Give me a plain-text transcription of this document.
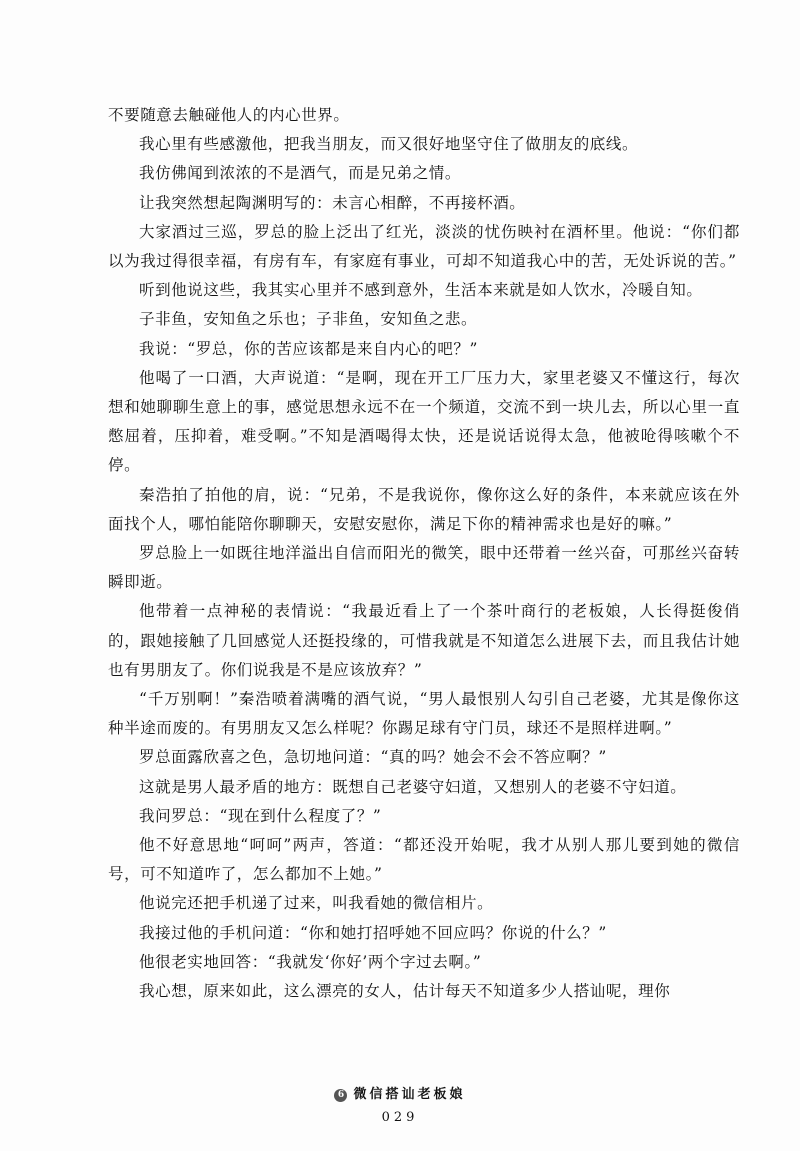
不要随意去触碰他人的内心世界。

我心里有些感激他，把我当朋友，而又很好地坚守住了做朋友的底线。

我仿佛闻到浓浓的不是酒气，而是兄弟之情。

让我突然想起陶渊明写的：未言心相醉，不再接杯酒。

大家酒过三巡，罗总的脸上泛出了红光，淡淡的忧伤映衬在酒杯里。他说：“你们都以为我过得很幸福，有房有车，有家庭有事业，可却不知道我心中的苦，无处诉说的苦。”

听到他说这些，我其实心里并不感到意外，生活本来就是如人饮水，冷暖自知。

子非鱼，安知鱼之乐也；子非鱼，安知鱼之悲。

我说：“罗总，你的苦应该都是来自内心的吧？”

他喝了一口酒，大声说道：“是啊，现在开工厂压力大，家里老婆又不懂这行，每次想和她聊聊生意上的事，感觉思想永远不在一个频道，交流不到一块儿去，所以心里一直憋屈着，压抑着，难受啊。”不知是酒喝得太快，还是说话说得太急，他被呛得咳嗽个不停。

秦浩拍了拍他的肩，说：“兄弟，不是我说你，像你这么好的条件，本来就应该在外面找个人，哪怕能陪你聊聊天，安慰安慰你，满足下你的精神需求也是好的嘛。”

罗总脸上一如既往地洋溢出自信而阳光的微笑，眼中还带着一丝兴奋，可那丝兴奋转瞬即逝。

他带着一点神秘的表情说：“我最近看上了一个茶叶商行的老板娘，人长得挺俊俏的，跟她接触了几回感觉人还挺投缘的，可惜我就是不知道怎么进展下去，而且我估计她也有男朋友了。你们说我是不是应该放弃？”

“千万别啊！”秦浩喷着满嘴的酒气说，“男人最恨别人勾引自己老婆，尤其是像你这种半途而废的。有男朋友又怎么样呢？你踢足球有守门员，球还不是照样进啊。”

罗总面露欣喜之色，急切地问道：“真的吗？她会不会不答应啊？”

这就是男人最矛盾的地方：既想自己老婆守妇道，又想别人的老婆不守妇道。

我问罗总：“现在到什么程度了？”

他不好意思地“呵呵”两声，答道：“都还没开始呢，我才从别人那儿要到她的微信号，可不知道咋了，怎么都加不上她。”

他说完还把手机递了过来，叫我看她的微信相片。

我接过他的手机问道：“你和她打招呼她不回应吗？你说的什么？”

他很老实地回答：“我就发‘你好’两个字过去啊。”

我心想，原来如此，这么漂亮的女人，估计每天不知道多少人搭讪呢，理你

6 微信搭讪老板娘
029
